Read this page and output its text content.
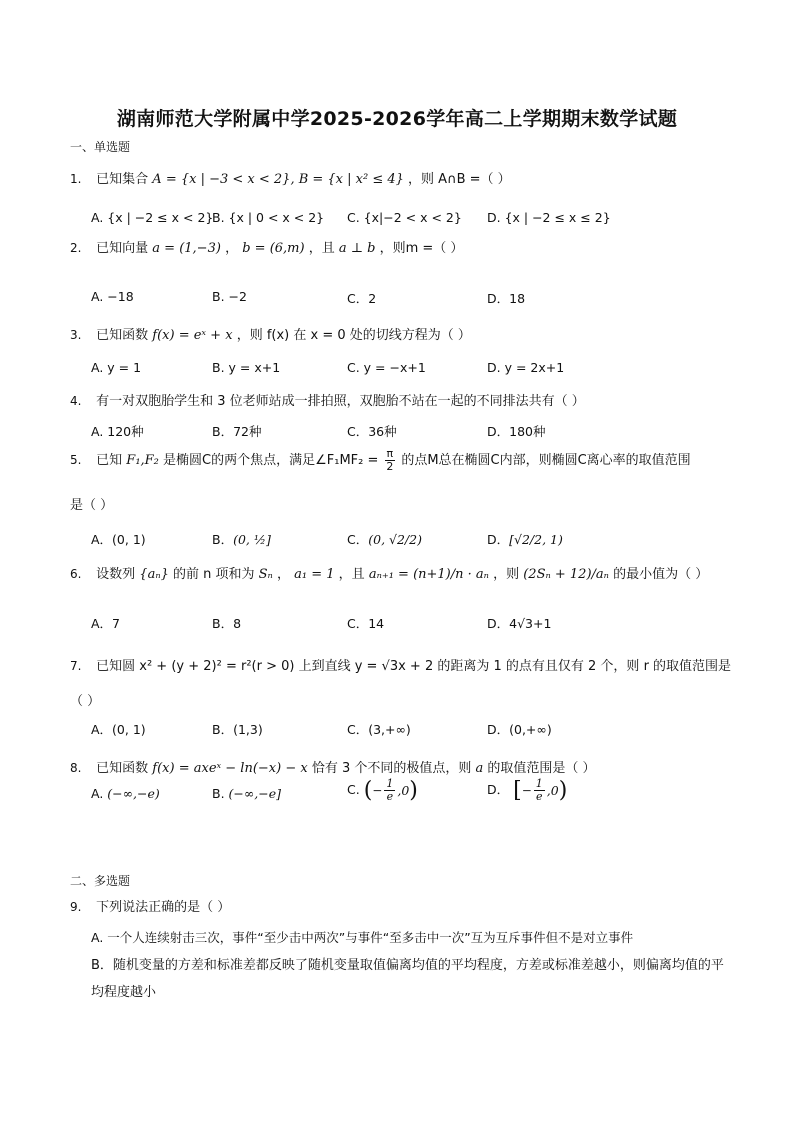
湖南师范大学附属中学2025-2026学年高二上学期期末数学试题
一、单选题
1. 已知集合 A = {x | −3 < x < 2}, B = {x | x² ≤ 4} ，则 A∩B =（ ）
A. {x | −2 ≤ x < 2}
B. {x | 0 < x < 2} C. {x|−2 < x < 2} D. {x | −2 ≤ x ≤ 2}
2. 已知向量 a = (1,−3) ， b = (6,m) ，且 a ⊥ b ，则m =（ ）
A. −18	B. −2	C．2	D．18
3. 已知函数 f(x) = eˣ + x ，则 f(x) 在 x = 0 处的切线方程为（ ）
A. y = 1	B. y = x+1	C. y = −x+1	D. y = 2x+1
4. 有一对双胞胎学生和 3 位老师站成一排拍照，双胞胎不站在一起的不同排法共有（ ）
A. 120种	B．72种	C．36种	D．180种
5. 已知 F₁,F₂ 是椭圆C的两个焦点，满足∠F₁MF₂ = $\frac{\pi}{2}$ 的点M总在椭圆C内部，则椭圆C离心率的取值范围
是（ ）
A．(0, 1)	B．(0, ½]	C．(0, √2/2)	D．[√2/2, 1)
6. 设数列 {aₙ} 的前 n 项和为 Sₙ ， a₁ = 1 ，且 aₙ₊₁ = (n+1)/n · aₙ ，则 (2Sₙ + 12)/aₙ 的最小值为（ ）
A．7	B．8	C．14	D．4√3+1
7. 已知圆 x² + (y + 2)² = r²(r > 0) 上到直线 y = √3x + 2 的距离为 1 的点有且仅有 2 个，则 r 的取值范围是
（ ）
A．(0, 1)	B．(1,3)	C．(3,+∞)	D．(0,+∞)
8. 已知函数 f(x) = axeˣ − ln(−x) − x 恰有 3 个不同的极值点，则 a 的取值范围是（ ）
A. (−∞,−e)	B. (−∞,−e]	C. (− $\frac{1}{e} ,0$)	D． [− $\frac{1}{e} ,0$)
二、多选题
9. 下列说法正确的是（ ）
A. 一个人连续射击三次，事件“至少击中两次”与事件“至多击中一次”互为互斥事件但不是对立事件
B．随机变量的方差和标准差都反映了随机变量取值偏离均值的平均程度，方差或标准差越小，则偏离均值的平均程度越小
